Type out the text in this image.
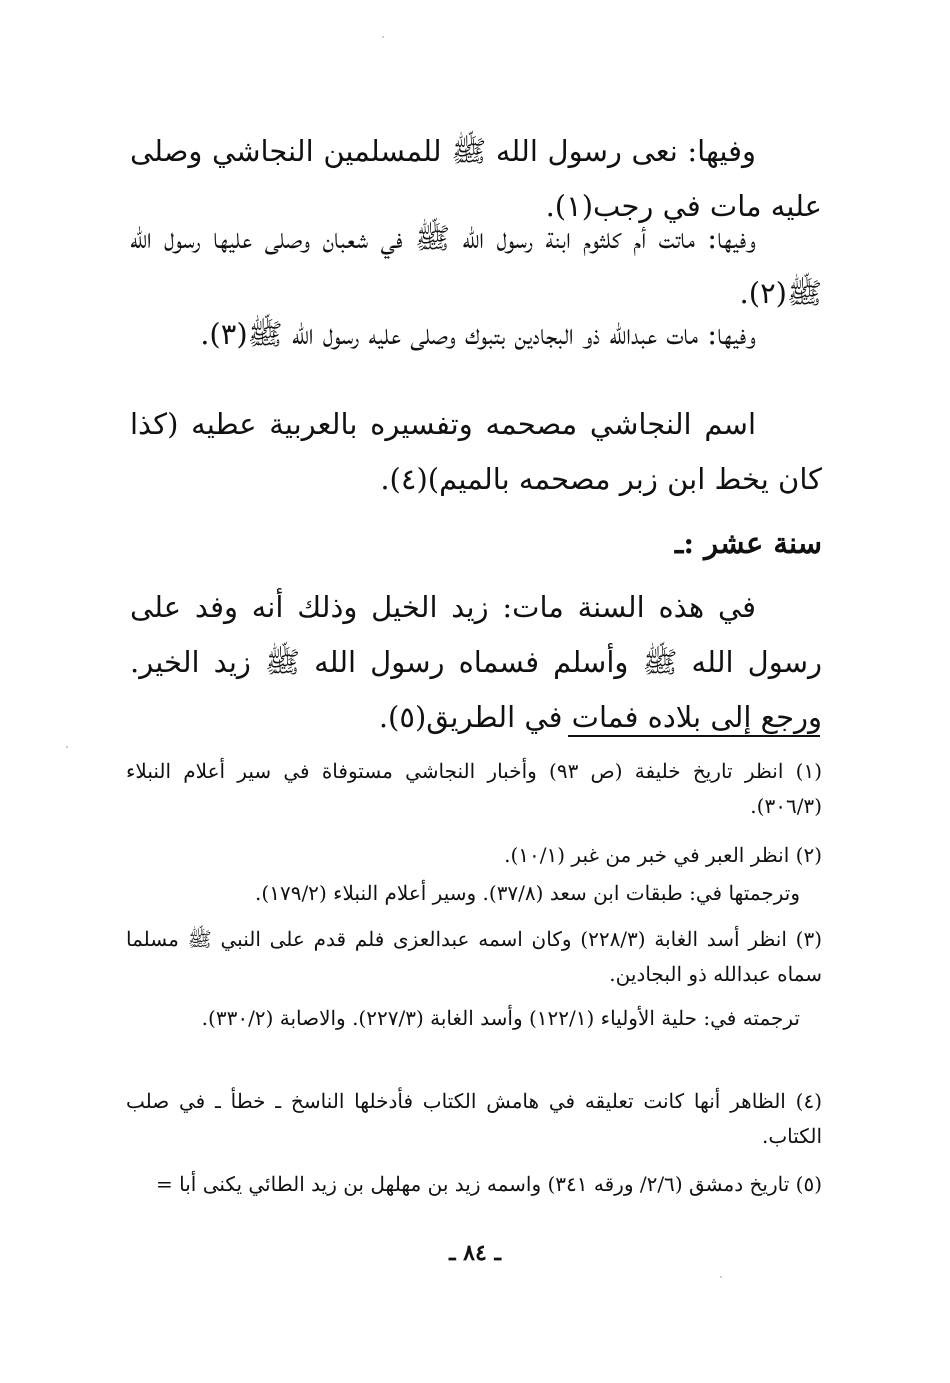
وفيها: نعى رسول الله ﷺ للمسلمين النجاشي وصلى عليه مات في رجب(١).

وفيها: ماتت أم كلثوم ابنة رسول الله ﷺ في شعبان وصلى عليها رسول الله ﷺ(٢).

وفيها: مات عبدالله ذو البجادين بتبوك وصلى عليه رسول الله ﷺ(٣).

اسم النجاشي مصحمه وتفسيره بالعربية عطيه (كذا كان يخط ابن زبر مصحمه بالميم)(٤).

سنة عشر :ـ

في هذه السنة مات: زيد الخيل وذلك أنه وفد على رسول الله ﷺ وأسلم فسماه رسول الله ﷺ زيد الخير. ورجع إلى بلاده فمات في الطريق(٥).

(١) انظر تاريخ خليفة (ص ٩٣) وأخبار النجاشي مستوفاة في سير أعلام النبلاء (٣٠٦/٣).

(٢) انظر العبر في خبر من غبر (١٠/١).

وترجمتها في: طبقات ابن سعد (٣٧/٨). وسير أعلام النبلاء (١٧٩/٢).

(٣) انظر أسد الغابة (٢٢٨/٣) وكان اسمه عبدالعزى فلم قدم على النبي ﷺ مسلما سماه عبدالله ذو البجادين.

ترجمته في: حلية الأولياء (١٢٢/١) وأسد الغابة (٢٢٧/٣). والاصابة (٣٣٠/٢).

(٤) الظاهر أنها كانت تعليقه في هامش الكتاب فأدخلها الناسخ ـ خطأ ـ في صلب الكتاب.

(٥) تاريخ دمشق (٢/٦/ ورقه ٣٤١) واسمه زيد بن مهلهل بن زيد الطائي يكنى أبا =

ـ ٨٤ ـ
